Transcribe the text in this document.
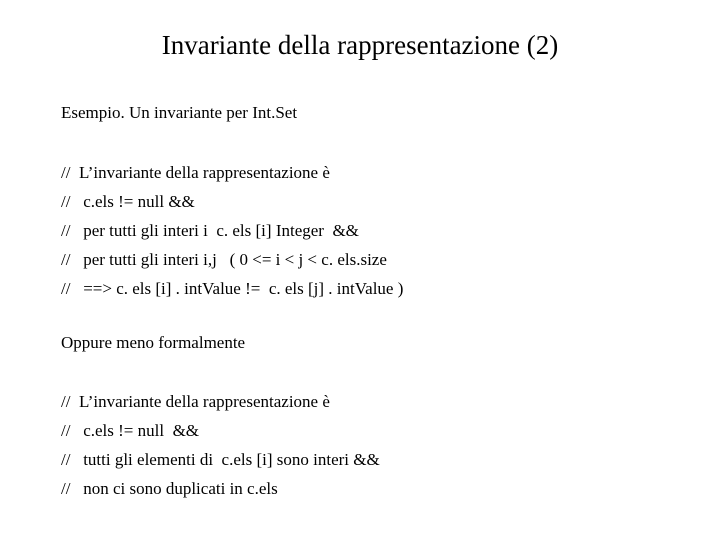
Invariante della rappresentazione (2)
Esempio. Un invariante per Int.Set
//  L’invariante della rappresentazione è
//   c.els != null &&
//   per tutti gli interi i  c. els [i] Integer  &&
//   per tutti gli interi i,j   ( 0 <= i < j < c. els.size
//   ==> c. els [i] . intValue !=  c. els [j] . intValue )
Oppure meno formalmente
//  L’invariante della rappresentazione è
//   c.els != null  &&
//   tutti gli elementi di  c.els [i] sono interi &&
//   non ci sono duplicati in c.els
